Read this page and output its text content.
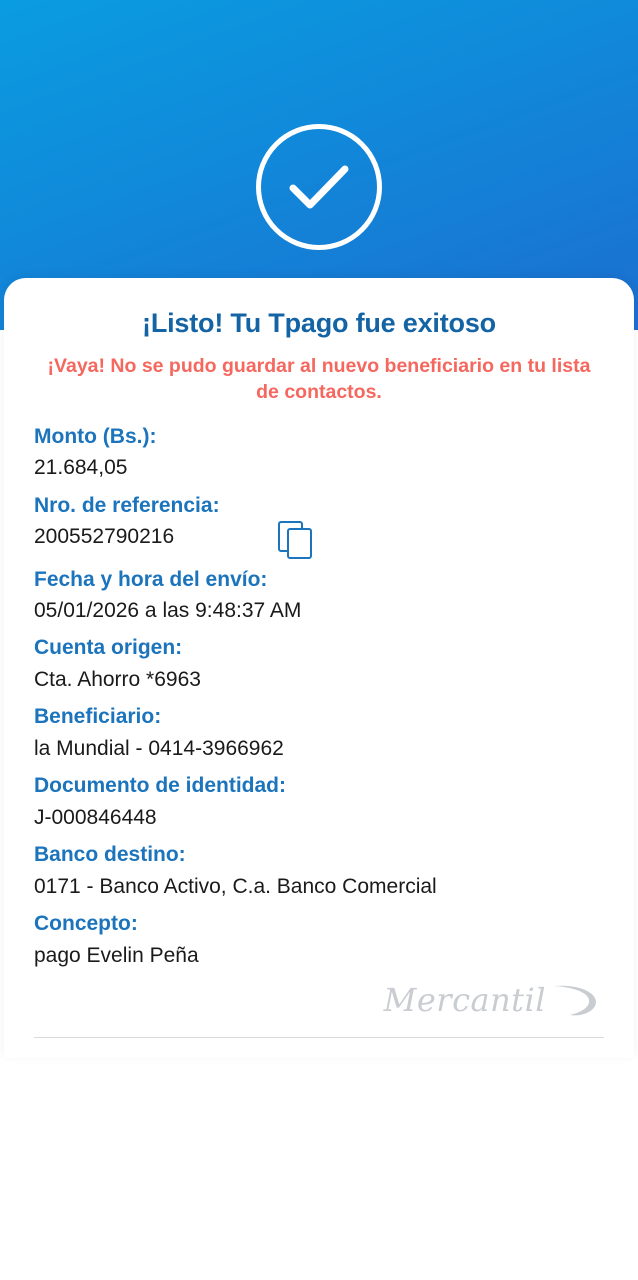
¡Listo! Tu Tpago fue exitoso
¡Vaya! No se pudo guardar al nuevo beneficiario en tu lista de contactos.
Monto (Bs.):
21.684,05
Nro. de referencia:
200552790216
Fecha y hora del envío:
05/01/2026 a las 9:48:37 AM
Cuenta origen:
Cta. Ahorro *6963
Beneficiario:
la Mundial - 0414-3966962
Documento de identidad:
J-000846448
Banco destino:
0171 - Banco Activo, C.a. Banco Comercial
Concepto:
pago Evelin Peña
Mercantil
